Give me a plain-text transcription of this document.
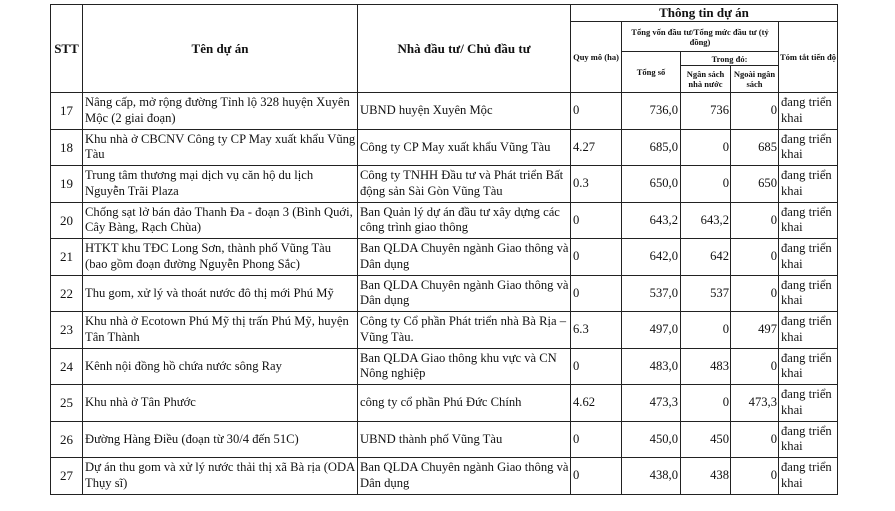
STT	Tên dự án	Nhà đầu tư/ Chủ đầu tư	Thông tin dự án				
			Quy mô (ha)	Tổng vốn đầu tư/Tổng mức đầu tư (tỷ đồng)			Tóm tắt tiến độ
				Tổng số	Trong đó:		
					Ngân sách nhà nước	Ngoài ngân sách	
17	Nâng cấp, mở rộng đường Tỉnh lộ 328 huyện Xuyên Mộc (2 giai đoạn)	UBND huyện Xuyên Mộc	0	736,0	736	0	đang triển khai
18	Khu nhà ở CBCNV Công ty CP May xuất khẩu Vũng Tàu	Công ty CP May xuất khẩu Vũng Tàu	4.27	685,0	0	685	đang triển khai
19	Trung tâm thương mại dịch vụ căn hộ du lịch Nguyễn Trãi Plaza	Công ty TNHH Đầu tư và Phát triển Bất động sản Sài Gòn Vũng Tàu	0.3	650,0	0	650	đang triển khai
20	Chống sạt lở bán đảo Thanh Đa - đoạn 3 (Bình Quới, Cây Bàng, Rạch Chùa)	Ban Quản lý dự án đầu tư xây dựng các công trình giao thông	0	643,2	643,2	0	đang triển khai
21	HTKT khu TĐC Long Sơn, thành phố Vũng Tàu (bao gồm đoạn đường Nguyễn Phong Sắc)	Ban QLDA Chuyên ngành Giao thông và Dân dụng	0	642,0	642	0	đang triển khai
22	Thu gom, xử lý và thoát nước đô thị mới Phú Mỹ	Ban QLDA Chuyên ngành Giao thông và Dân dụng	0	537,0	537	0	đang triển khai
23	Khu nhà ở Ecotown Phú Mỹ thị trấn Phú Mỹ, huyện Tân Thành	Công ty Cổ phần Phát triển nhà Bà Rịa – Vũng Tàu.	6.3	497,0	0	497	đang triển khai
24	Kênh nội đồng hồ chứa nước sông Ray	Ban QLDA Giao thông khu vực và CN Nông nghiệp	0	483,0	483	0	đang triển khai
25	Khu nhà ở Tân Phước	công ty cổ phần Phú Đức Chính	4.62	473,3	0	473,3	đang triển khai
26	Đường Hàng Điều (đoạn từ 30/4 đến 51C)	UBND thành phố Vũng Tàu	0	450,0	450	0	đang triển khai
27	Dự án thu gom và xử lý nước thải thị xã Bà rịa (ODA Thụy sĩ)	Ban QLDA Chuyên ngành Giao thông và Dân dụng	0	438,0	438	0	đang triển khai
